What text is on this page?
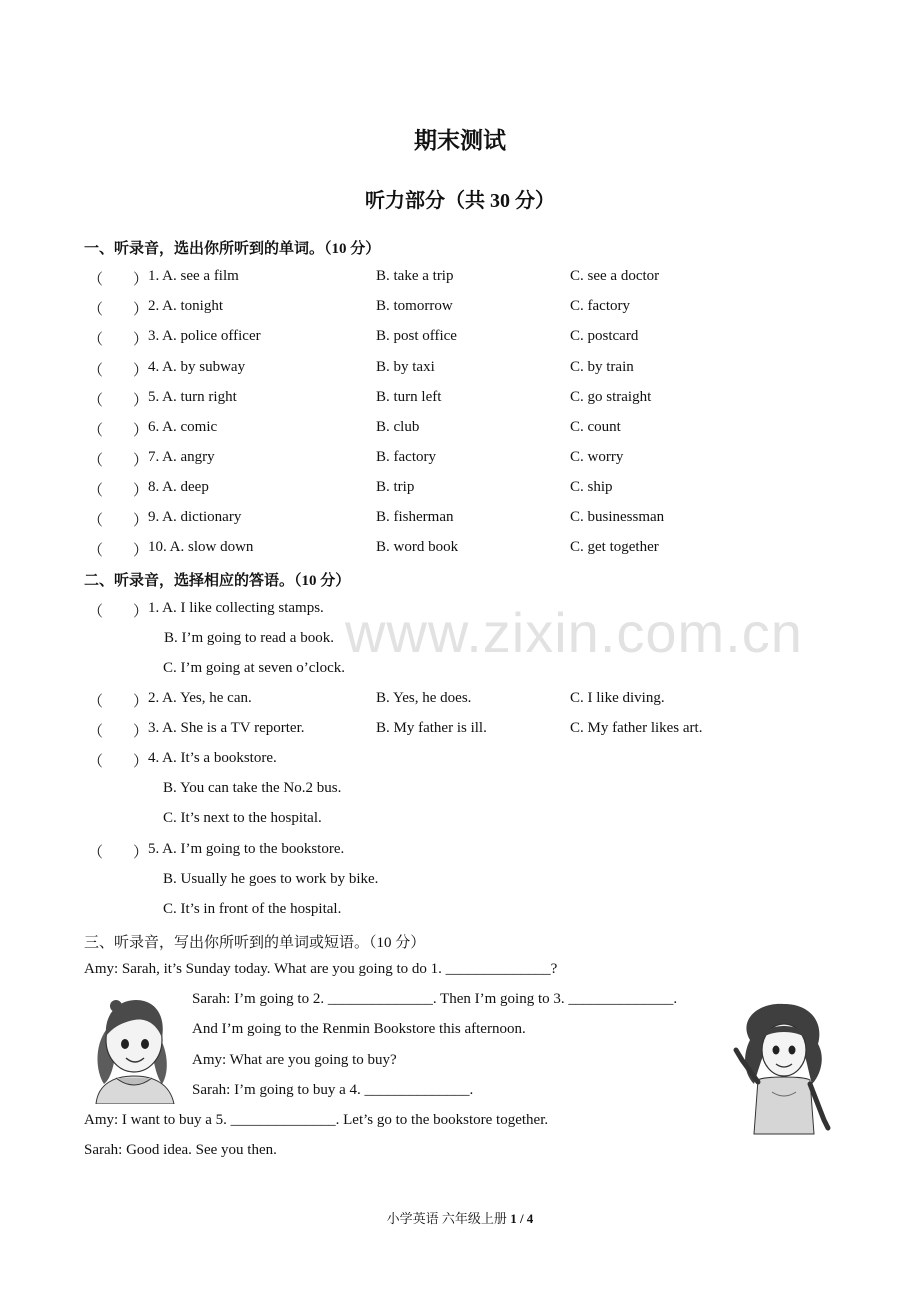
期末测试
听力部分（共 30 分）
www.zixin.com.cn
一、听录音，选出你所听到的单词。（10 分）
（　　） 1. A. see a film	B. take a trip	C. see a doctor
（　　） 2. A. tonight	B. tomorrow	C. factory
（　　） 3. A. police officer	B. post office	C. postcard
（　　） 4. A. by subway	B. by taxi	C. by train
（　　） 5. A. turn right	B. turn left	C. go straight
（　　） 6. A. comic	B. club	C. count
（　　） 7. A. angry	B. factory	C. worry
（　　） 8. A. deep	B. trip	C. ship
（　　） 9. A. dictionary	B. fisherman	C. businessman
（　　） 10. A. slow down	B. word book	C. get together
二、听录音，选择相应的答语。（10 分）
（　　） 1. A. I like collecting stamps.
B. I’m going to read a book.
C. I’m going at seven o’clock.
（　　） 2. A. Yes, he can.	B. Yes, he does.	C. I like diving.
（　　） 3. A. She is a TV reporter.	B. My father is ill.	C. My father likes art.
（　　） 4. A. It’s a bookstore.
B. You can take the No.2 bus.
C. It’s next to the hospital.
（　　） 5. A. I’m going to the bookstore.
B. Usually he goes to work by bike.
C. It’s in front of the hospital.
三、听录音，写出你所听到的单词或短语。（10 分）
Amy: Sarah, it’s Sunday today. What are you going to do 1. ______________?
Sarah: I’m going to 2. ______________. Then I’m going to 3. ______________.
And I’m going to the Renmin Bookstore this afternoon.
Amy: What are you going to buy?
Sarah: I’m going to buy a 4. ______________.
Amy: I want to buy a 5. ______________. Let’s go to the bookstore together.
Sarah: Good idea. See you then.
小学英语 六年级上册 1 / 4
